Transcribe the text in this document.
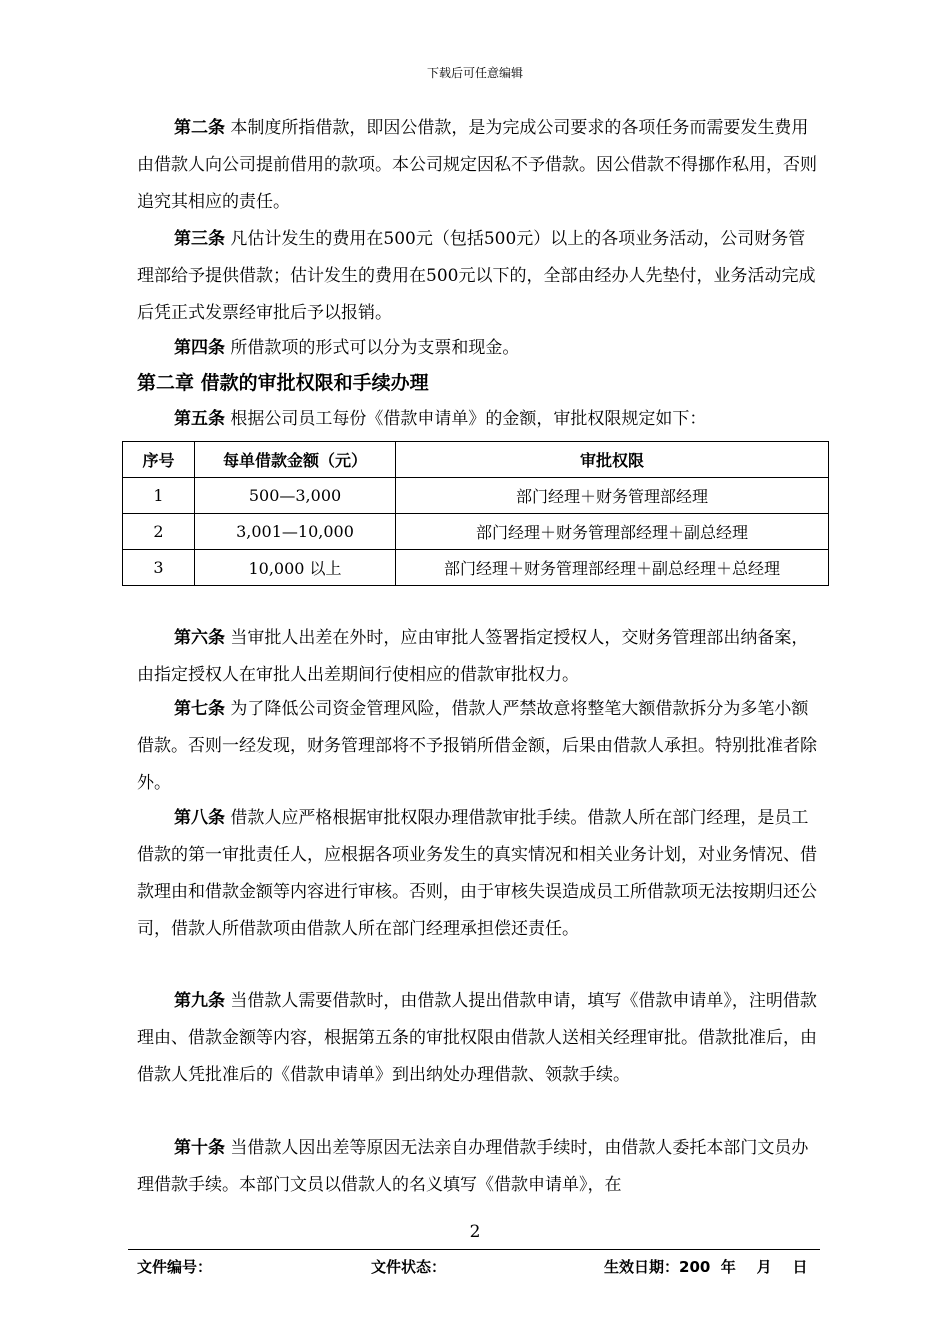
下载后可任意编辑

第二条 本制度所指借款，即因公借款，是为完成公司要求的各项任务而需要发生费用由借款人向公司提前借用的款项。本公司规定因私不予借款。因公借款不得挪作私用，否则追究其相应的责任。

第三条 凡估计发生的费用在500元（包括500元）以上的各项业务活动，公司财务管理部给予提供借款；估计发生的费用在500元以下的，全部由经办人先垫付，业务活动完成后凭正式发票经审批后予以报销。

第四条 所借款项的形式可以分为支票和现金。

第二章 借款的审批权限和手续办理

第五条 根据公司员工每份《借款申请单》的金额，审批权限规定如下：

序号	每单借款金额（元）	审批权限
1	500—3,000	部门经理＋财务管理部经理
2	3,001—10,000	部门经理＋财务管理部经理＋副总经理
3	10,000 以上	部门经理＋财务管理部经理＋副总经理＋总经理

第六条 当审批人出差在外时，应由审批人签署指定授权人，交财务管理部出纳备案，由指定授权人在审批人出差期间行使相应的借款审批权力。

第七条 为了降低公司资金管理风险，借款人严禁故意将整笔大额借款拆分为多笔小额借款。否则一经发现，财务管理部将不予报销所借金额，后果由借款人承担。特别批准者除外。

第八条 借款人应严格根据审批权限办理借款审批手续。借款人所在部门经理，是员工借款的第一审批责任人，应根据各项业务发生的真实情况和相关业务计划，对业务情况、借款理由和借款金额等内容进行审核。否则，由于审核失误造成员工所借款项无法按期归还公司，借款人所借款项由借款人所在部门经理承担偿还责任。

第九条 当借款人需要借款时，由借款人提出借款申请，填写《借款申请单》，注明借款理由、借款金额等内容，根据第五条的审批权限由借款人送相关经理审批。借款批准后，由借款人凭批准后的《借款申请单》到出纳处办理借款、领款手续。

第十条 当借款人因出差等原因无法亲自办理借款手续时，由借款人委托本部门文员办理借款手续。本部门文员以借款人的名义填写《借款申请单》，在

2
文件编号：	文件状态：	生效日期：200  年    月    日
